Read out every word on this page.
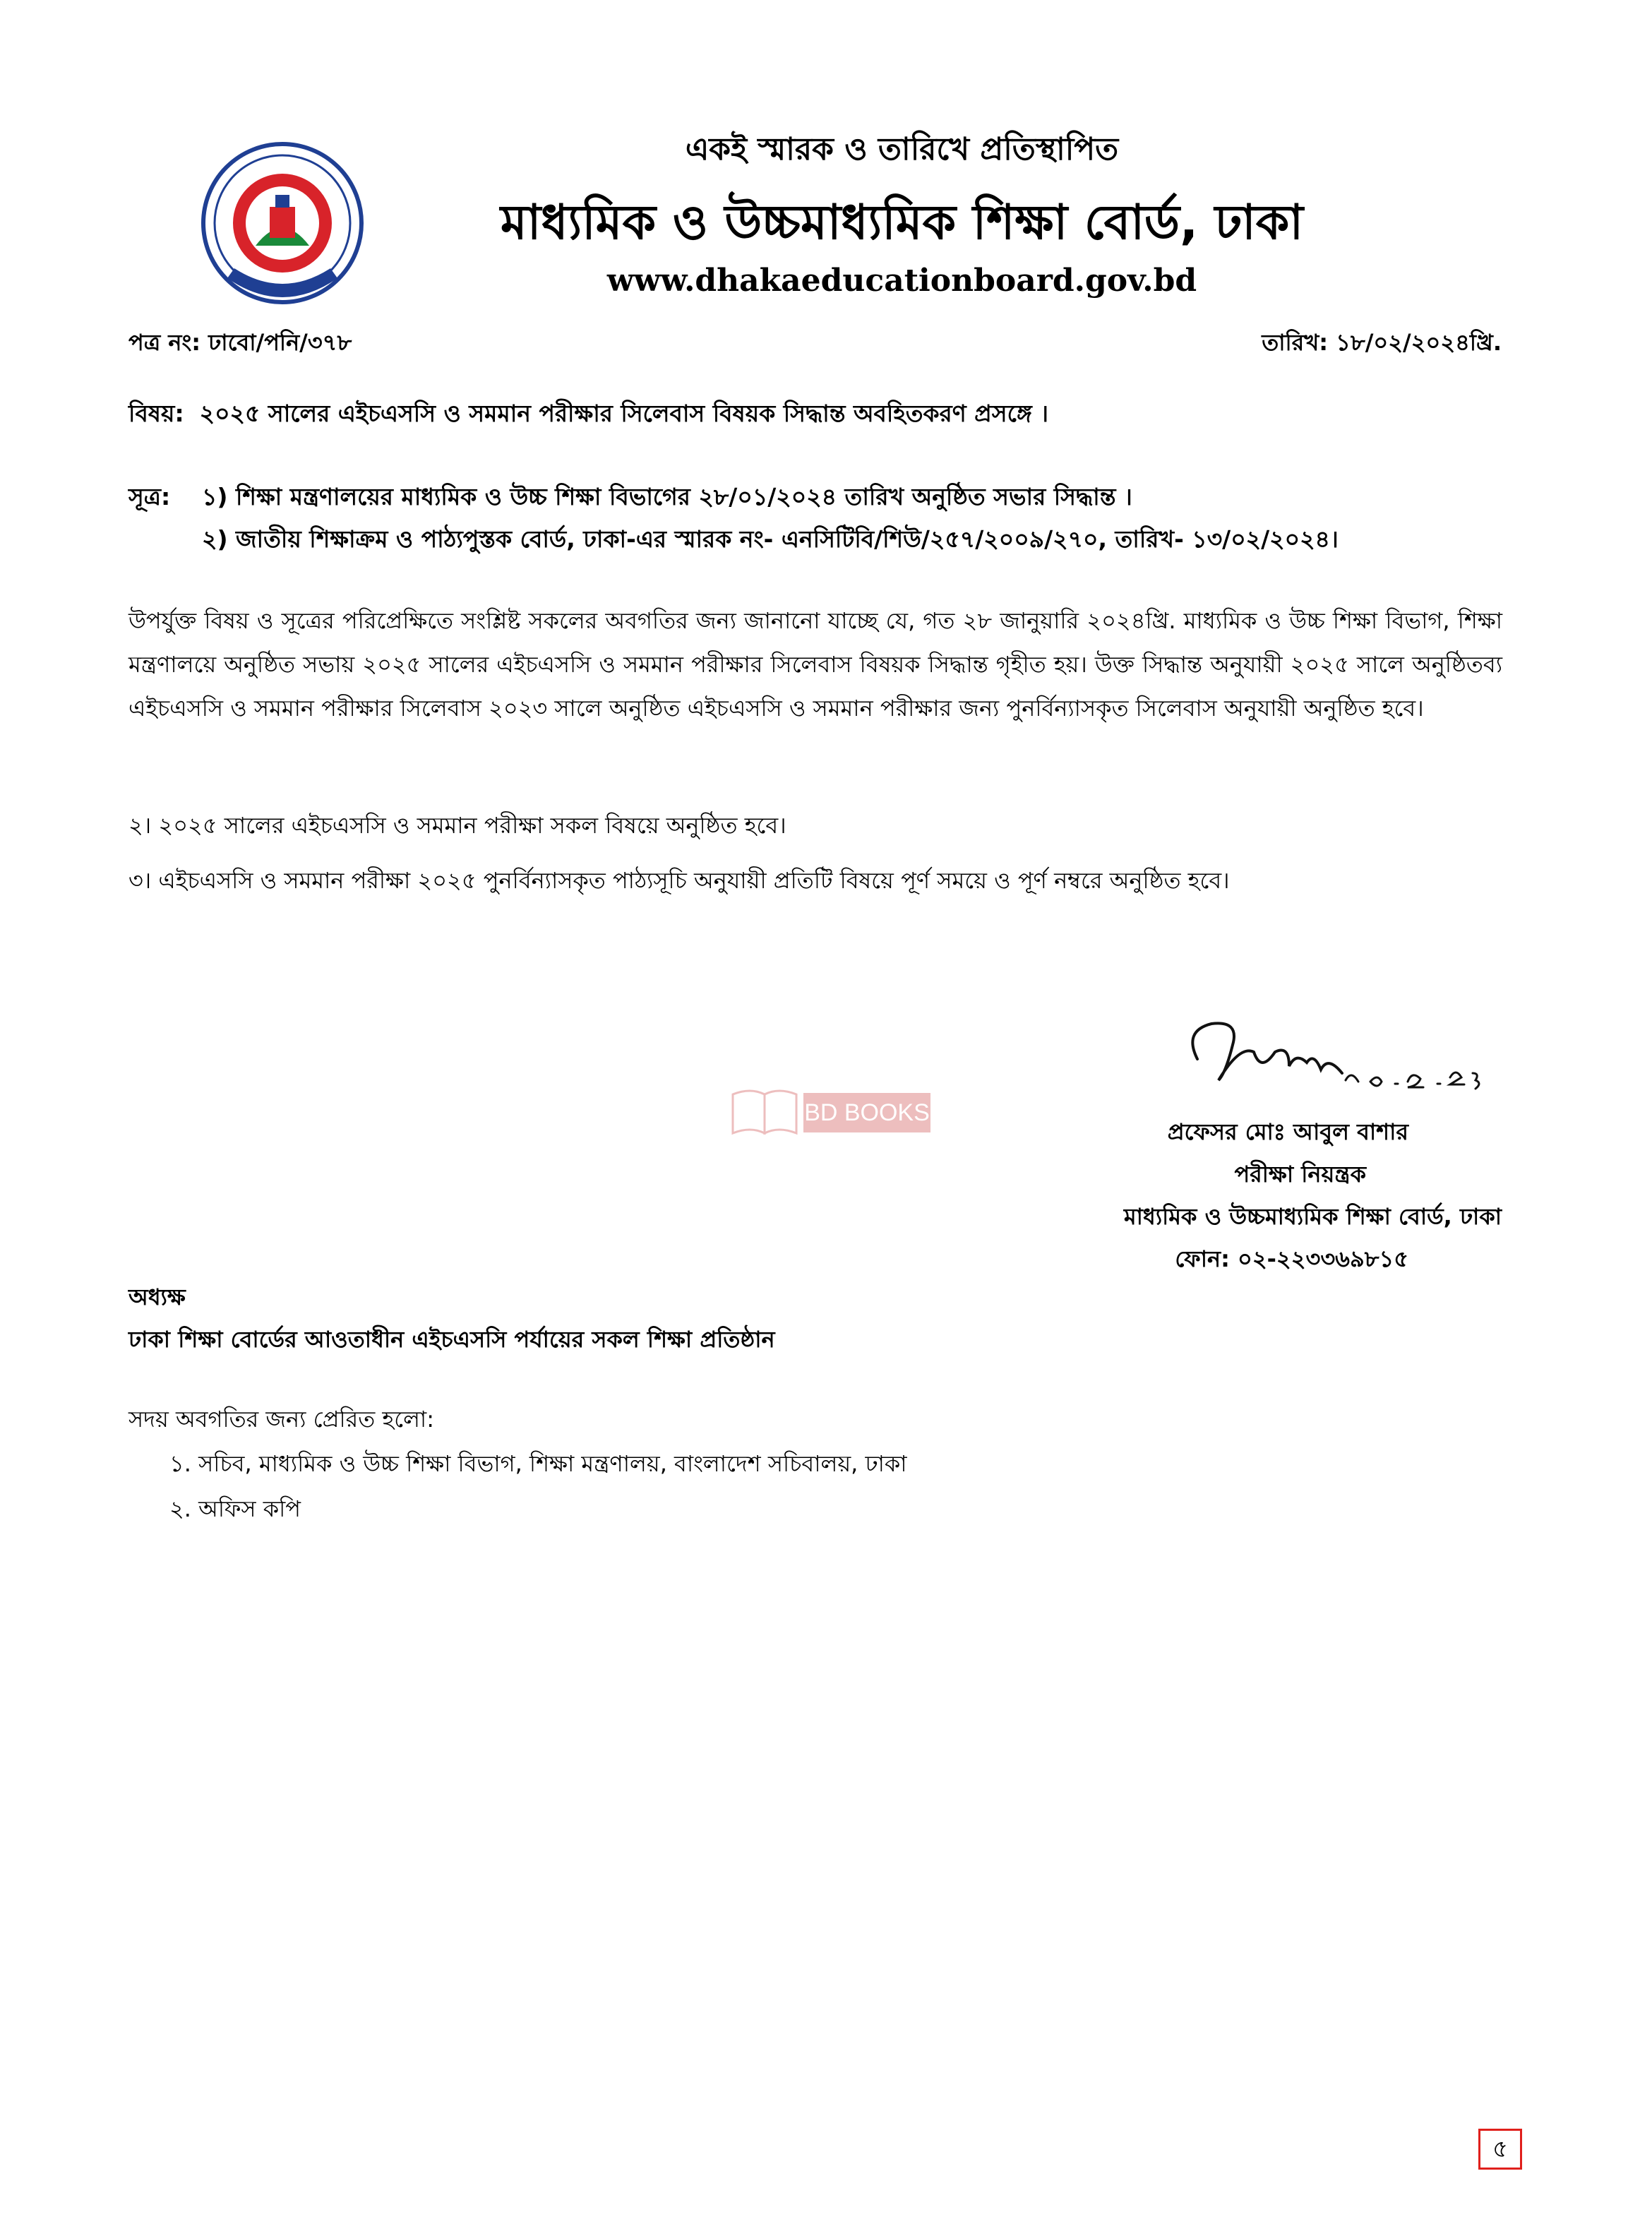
একই স্মারক ও তারিখে প্রতিস্থাপিত
মাধ্যমিক ও উচ্চমাধ্যমিক শিক্ষা বোর্ড, ঢাকা
www.dhakaeducationboard.gov.bd
পত্র নং: ঢাবো/পনি/৩৭৮	তারিখ: ১৮/০২/২০২৪খ্রি.
বিষয়: ২০২৫ সালের এইচএসসি ও সমমান পরীক্ষার সিলেবাস বিষয়ক সিদ্ধান্ত অবহিতকরণ প্রসঙ্গে ।
সূত্র: ১) শিক্ষা মন্ত্রণালয়ের মাধ্যমিক ও উচ্চ শিক্ষা বিভাগের ২৮/০১/২০২৪ তারিখ অনুষ্ঠিত সভার সিদ্ধান্ত ।
২) জাতীয় শিক্ষাক্রম ও পাঠ্যপুস্তক বোর্ড, ঢাকা-এর স্মারক নং- এনসিটিবি/শিউ/২৫৭/২০০৯/২৭০, তারিখ- ১৩/০২/২০২৪।

উপর্যুক্ত বিষয় ও সূত্রের পরিপ্রেক্ষিতে সংশ্লিষ্ট সকলের অবগতির জন্য জানানো যাচ্ছে যে, গত ২৮ জানুয়ারি ২০২৪খ্রি. মাধ্যমিক ও উচ্চ শিক্ষা বিভাগ, শিক্ষা মন্ত্রণালয়ে অনুষ্ঠিত সভায় ২০২৫ সালের এইচএসসি ও সমমান পরীক্ষার সিলেবাস বিষয়ক সিদ্ধান্ত গৃহীত হয়। উক্ত সিদ্ধান্ত অনুযায়ী ২০২৫ সালে অনুষ্ঠিতব্য এইচএসসি ও সমমান পরীক্ষার সিলেবাস ২০২৩ সালে অনুষ্ঠিত এইচএসসি ও সমমান পরীক্ষার জন্য পুনর্বিন্যাসকৃত সিলেবাস অনুযায়ী অনুষ্ঠিত হবে।

২। ২০২৫ সালের এইচএসসি ও সমমান পরীক্ষা সকল বিষয়ে অনুষ্ঠিত হবে।
৩। এইচএসসি ও সমমান পরীক্ষা ২০২৫ পুনর্বিন্যাসকৃত পাঠ্যসূচি অনুযায়ী প্রতিটি বিষয়ে পূর্ণ সময়ে ও পূর্ণ নম্বরে অনুষ্ঠিত হবে।
BD BOOKS
প্রফেসর মোঃ আবুল বাশার
পরীক্ষা নিয়ন্ত্রক
মাধ্যমিক ও উচ্চমাধ্যমিক শিক্ষা বোর্ড, ঢাকা
ফোন: ০২-২২৩৩৬৯৮১৫
অধ্যক্ষ
ঢাকা শিক্ষা বোর্ডের আওতাধীন এইচএসসি পর্যায়ের সকল শিক্ষা প্রতিষ্ঠান
সদয় অবগতির জন্য প্রেরিত হলো:
১. সচিব, মাধ্যমিক ও উচ্চ শিক্ষা বিভাগ, শিক্ষা মন্ত্রণালয়, বাংলাদেশ সচিবালয়, ঢাকা
২. অফিস কপি
৫
